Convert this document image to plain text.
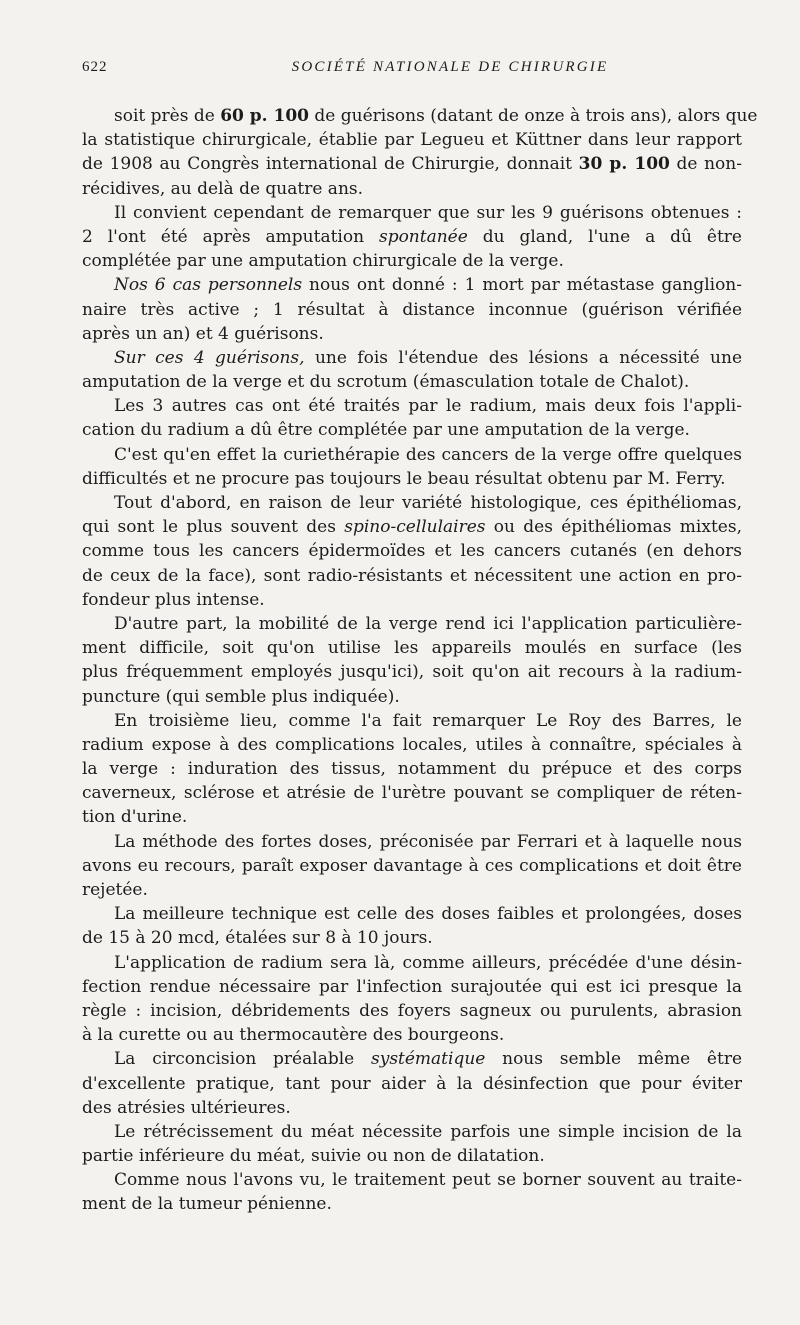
622	SOCIÉTÉ NATIONALE DE CHIRURGIE
soit près de 60 p. 100 de guérisons (datant de onze à trois ans), alors que
la statistique chirurgicale, établie par Legueu et Küttner dans leur rapport
de 1908 au Congrès international de Chirurgie, donnait 30 p. 100 de non-
récidives, au delà de quatre ans.
Il convient cependant de remarquer que sur les 9 guérisons obtenues :
2 l'ont été après amputation spontanée du gland, l'une a dû être
complétée par une amputation chirurgicale de la verge.
Nos 6 cas personnels nous ont donné : 1 mort par métastase ganglion-
naire très active ; 1 résultat à distance inconnue (guérison vérifiée
après un an) et 4 guérisons.
Sur ces 4 guérisons, une fois l'étendue des lésions a nécessité une
amputation de la verge et du scrotum (émasculation totale de Chalot).
Les 3 autres cas ont été traités par le radium, mais deux fois l'appli-
cation du radium a dû être complétée par une amputation de la verge.
C'est qu'en effet la curiethérapie des cancers de la verge offre quelques
difficultés et ne procure pas toujours le beau résultat obtenu par M. Ferry.
Tout d'abord, en raison de leur variété histologique, ces épithéliomas,
qui sont le plus souvent des spino-cellulaires ou des épithéliomas mixtes,
comme tous les cancers épidermoïdes et les cancers cutanés (en dehors
de ceux de la face), sont radio-résistants et nécessitent une action en pro-
fondeur plus intense.
D'autre part, la mobilité de la verge rend ici l'application particulière-
ment difficile, soit qu'on utilise les appareils moulés en surface (les
plus fréquemment employés jusqu'ici), soit qu'on ait recours à la radium-
puncture (qui semble plus indiquée).
En troisième lieu, comme l'a fait remarquer Le Roy des Barres, le
radium expose à des complications locales, utiles à connaître, spéciales à
la verge : induration des tissus, notamment du prépuce et des corps
caverneux, sclérose et atrésie de l'urètre pouvant se compliquer de réten-
tion d'urine.
La méthode des fortes doses, préconisée par Ferrari et à laquelle nous
avons eu recours, paraît exposer davantage à ces complications et doit être
rejetée.
La meilleure technique est celle des doses faibles et prolongées, doses
de 15 à 20 mcd, étalées sur 8 à 10 jours.
L'application de radium sera là, comme ailleurs, précédée d'une désin-
fection rendue nécessaire par l'infection surajoutée qui est ici presque la
règle : incision, débridements des foyers sagneux ou purulents, abrasion
à la curette ou au thermocautère des bourgeons.
La circoncision préalable systématique nous semble même être
d'excellente pratique, tant pour aider à la désinfection que pour éviter
des atrésies ultérieures.
Le rétrécissement du méat nécessite parfois une simple incision de la
partie inférieure du méat, suivie ou non de dilatation.
Comme nous l'avons vu, le traitement peut se borner souvent au traite-
ment de la tumeur pénienne.
